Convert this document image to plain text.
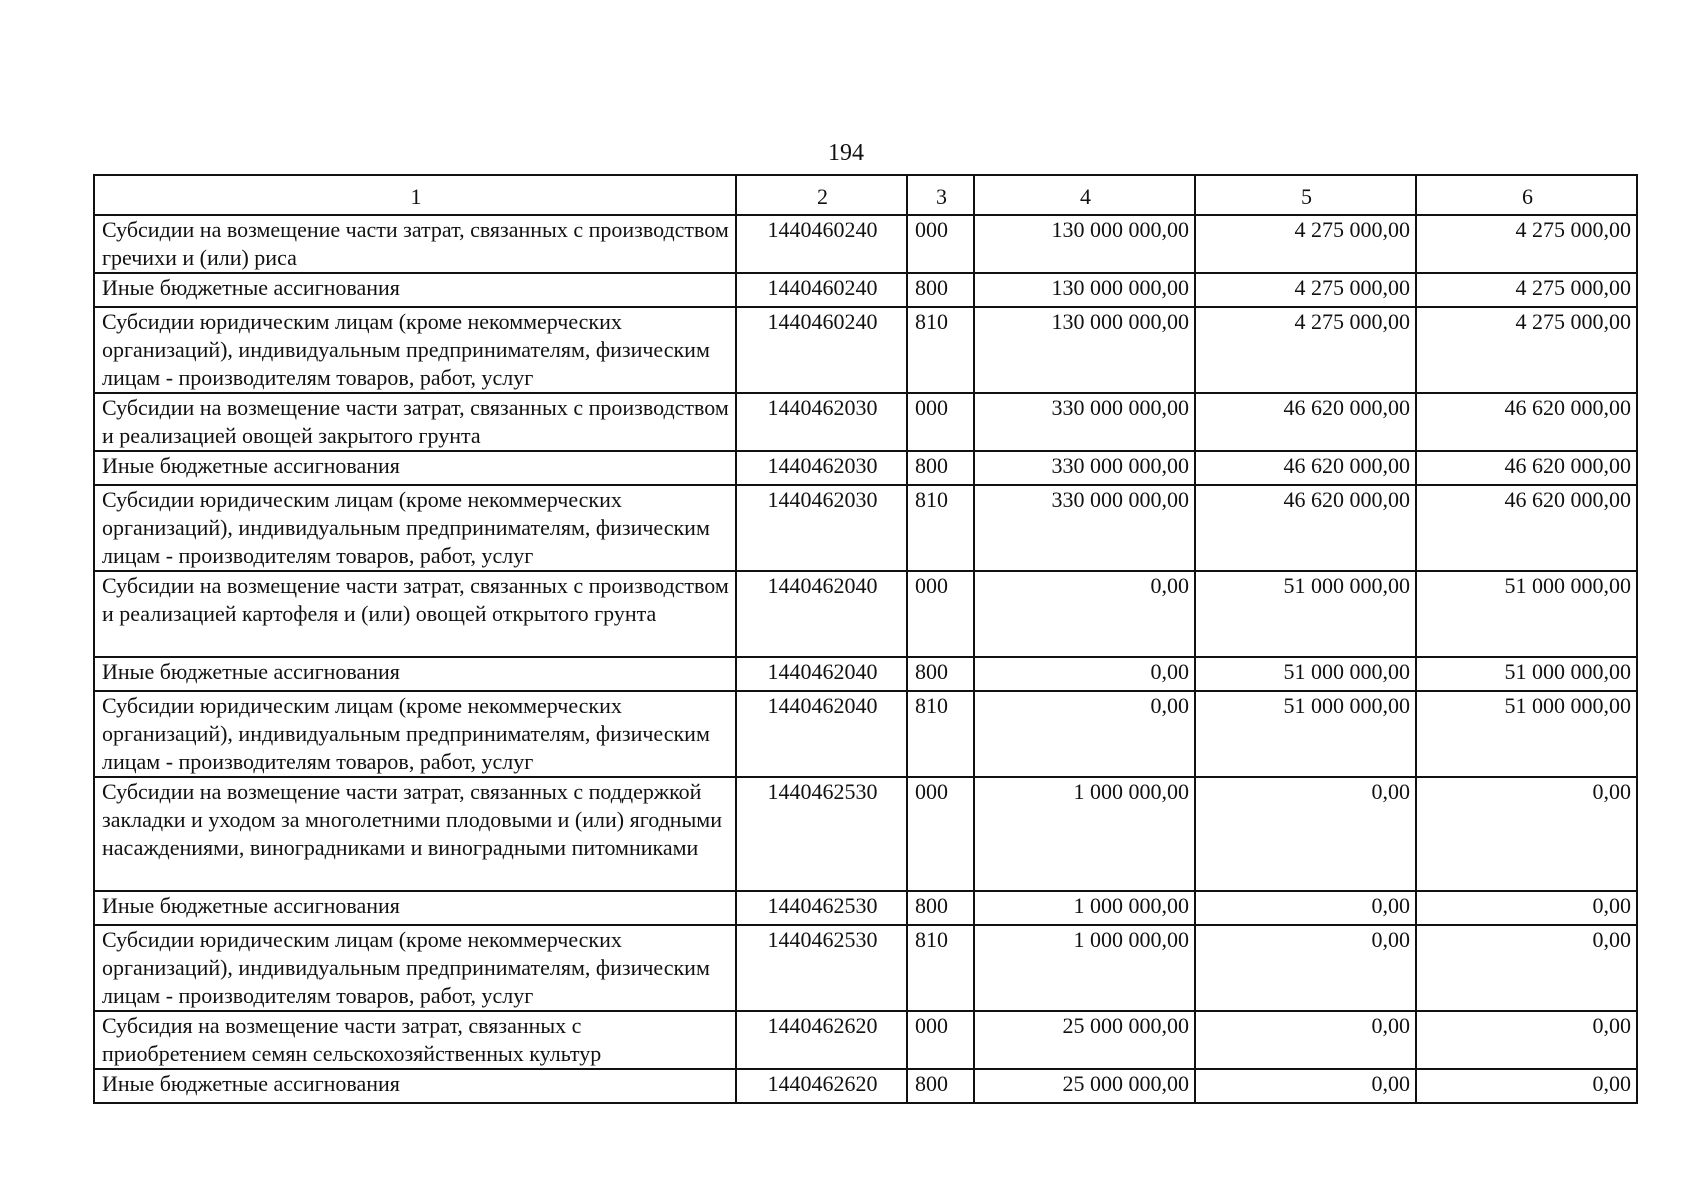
194
1	2	3	4	5	6
Субсидии на возмещение части затрат, связанных с производством гречихи и (или) риса	1440460240	000	130 000 000,00	4 275 000,00	4 275 000,00
Иные бюджетные ассигнования	1440460240	800	130 000 000,00	4 275 000,00	4 275 000,00
Субсидии юридическим лицам (кроме некоммерческих организаций), индивидуальным предпринимателям, физическим лицам - производителям товаров, работ, услуг	1440460240	810	130 000 000,00	4 275 000,00	4 275 000,00
Субсидии на возмещение части затрат, связанных с производством и реализацией овощей закрытого грунта	1440462030	000	330 000 000,00	46 620 000,00	46 620 000,00
Иные бюджетные ассигнования	1440462030	800	330 000 000,00	46 620 000,00	46 620 000,00
Субсидии юридическим лицам (кроме некоммерческих организаций), индивидуальным предпринимателям, физическим лицам - производителям товаров, работ, услуг	1440462030	810	330 000 000,00	46 620 000,00	46 620 000,00
Субсидии на возмещение части затрат, связанных с производством и реализацией картофеля и (или) овощей открытого грунта	1440462040	000	0,00	51 000 000,00	51 000 000,00
Иные бюджетные ассигнования	1440462040	800	0,00	51 000 000,00	51 000 000,00
Субсидии юридическим лицам (кроме некоммерческих организаций), индивидуальным предпринимателям, физическим лицам - производителям товаров, работ, услуг	1440462040	810	0,00	51 000 000,00	51 000 000,00
Субсидии на возмещение части затрат, связанных с поддержкой закладки и уходом за многолетними плодовыми и (или) ягодными насаждениями, виноградниками и виноградными питомниками	1440462530	000	1 000 000,00	0,00	0,00
Иные бюджетные ассигнования	1440462530	800	1 000 000,00	0,00	0,00
Субсидии юридическим лицам (кроме некоммерческих организаций), индивидуальным предпринимателям, физическим лицам - производителям товаров, работ, услуг	1440462530	810	1 000 000,00	0,00	0,00
Субсидия на возмещение части затрат, связанных с приобретением семян сельскохозяйственных культур	1440462620	000	25 000 000,00	0,00	0,00
Иные бюджетные ассигнования	1440462620	800	25 000 000,00	0,00	0,00
